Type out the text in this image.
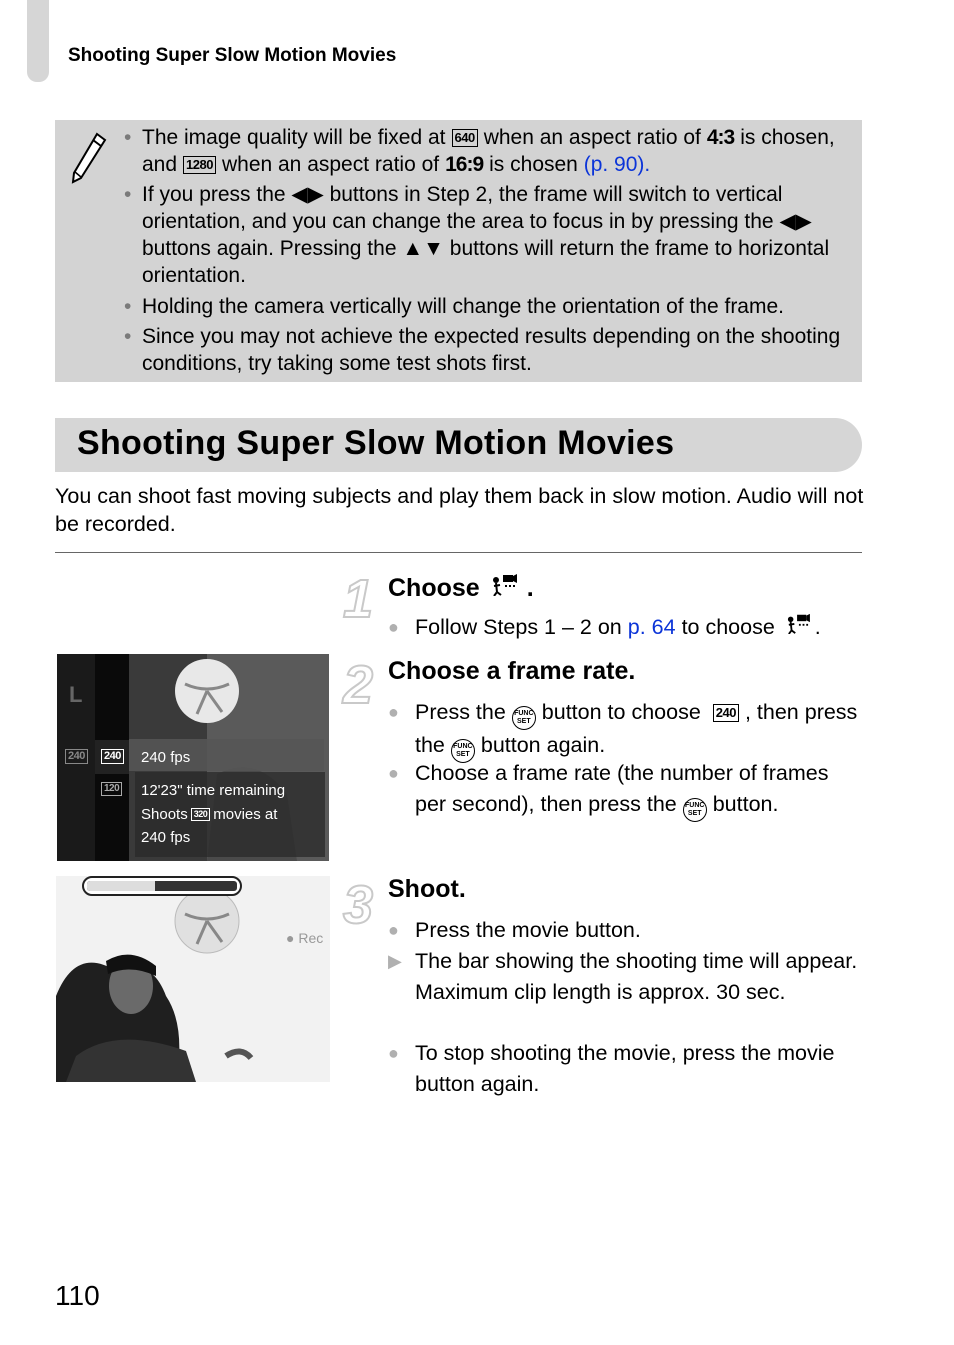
Shooting Super Slow Motion Movies
• The image quality will be fixed at 640 when an aspect ratio of 4:3 is chosen, and 1280 when an aspect ratio of 16:9 is chosen (p. 90).
• If you press the ◀▶ buttons in Step 2, the frame will switch to vertical orientation, and you can change the area to focus in by pressing the ◀▶ buttons again. Pressing the ▲▼ buttons will return the frame to horizontal orientation.
• Holding the camera vertically will change the orientation of the frame.
• Since you may not achieve the expected results depending on the shooting conditions, try taking some test shots first.
Shooting Super Slow Motion Movies
You can shoot fast moving subjects and play them back in slow motion. Audio will not be recorded.
1 Choose .
● Follow Steps 1 – 2 on p. 64 to choose .
2 Choose a frame rate.
● Press the FUNC SET button to choose 240 , then press the FUNC SET button again.
● Choose a frame rate (the number of frames per second), then press the FUNC SET button.
L
240 240
120
240 fps
12'23" time remaining
Shoots 320 movies at
240 fps
3 Shoot.
● Press the movie button.
▶ The bar showing the shooting time will appear. Maximum clip length is approx. 30 sec.
● To stop shooting the movie, press the movie button again.
● Rec
110
